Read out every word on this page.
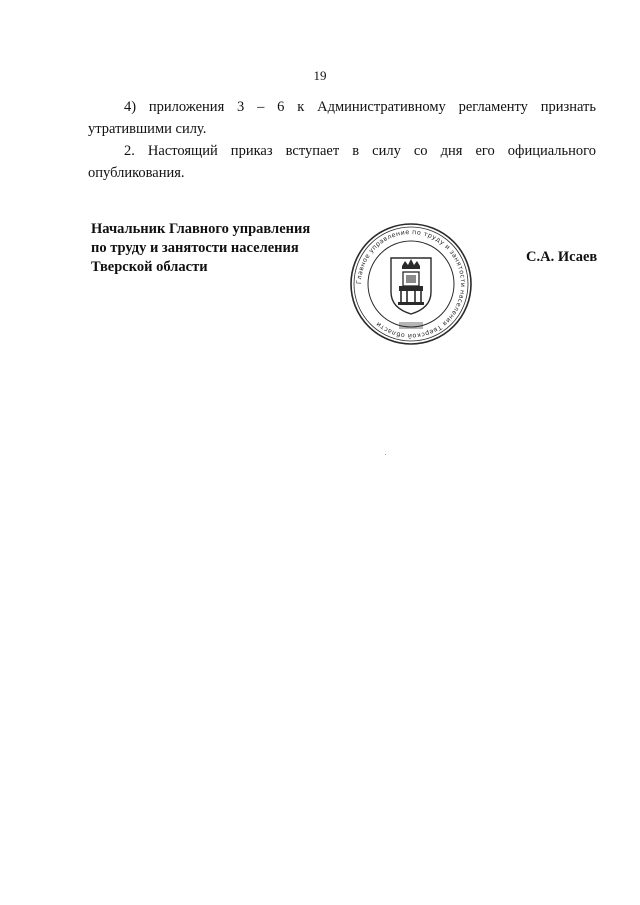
19
4) приложения 3 – 6 к Административному регламенту признать
утратившими силу.
2. Настоящий приказ вступает в силу со дня его официального
опубликования.
Начальник Главного управления
по труду и занятости населения
Тверской области
Главное управление по труду и занятости населения Тверской области
С.А. Исаев
